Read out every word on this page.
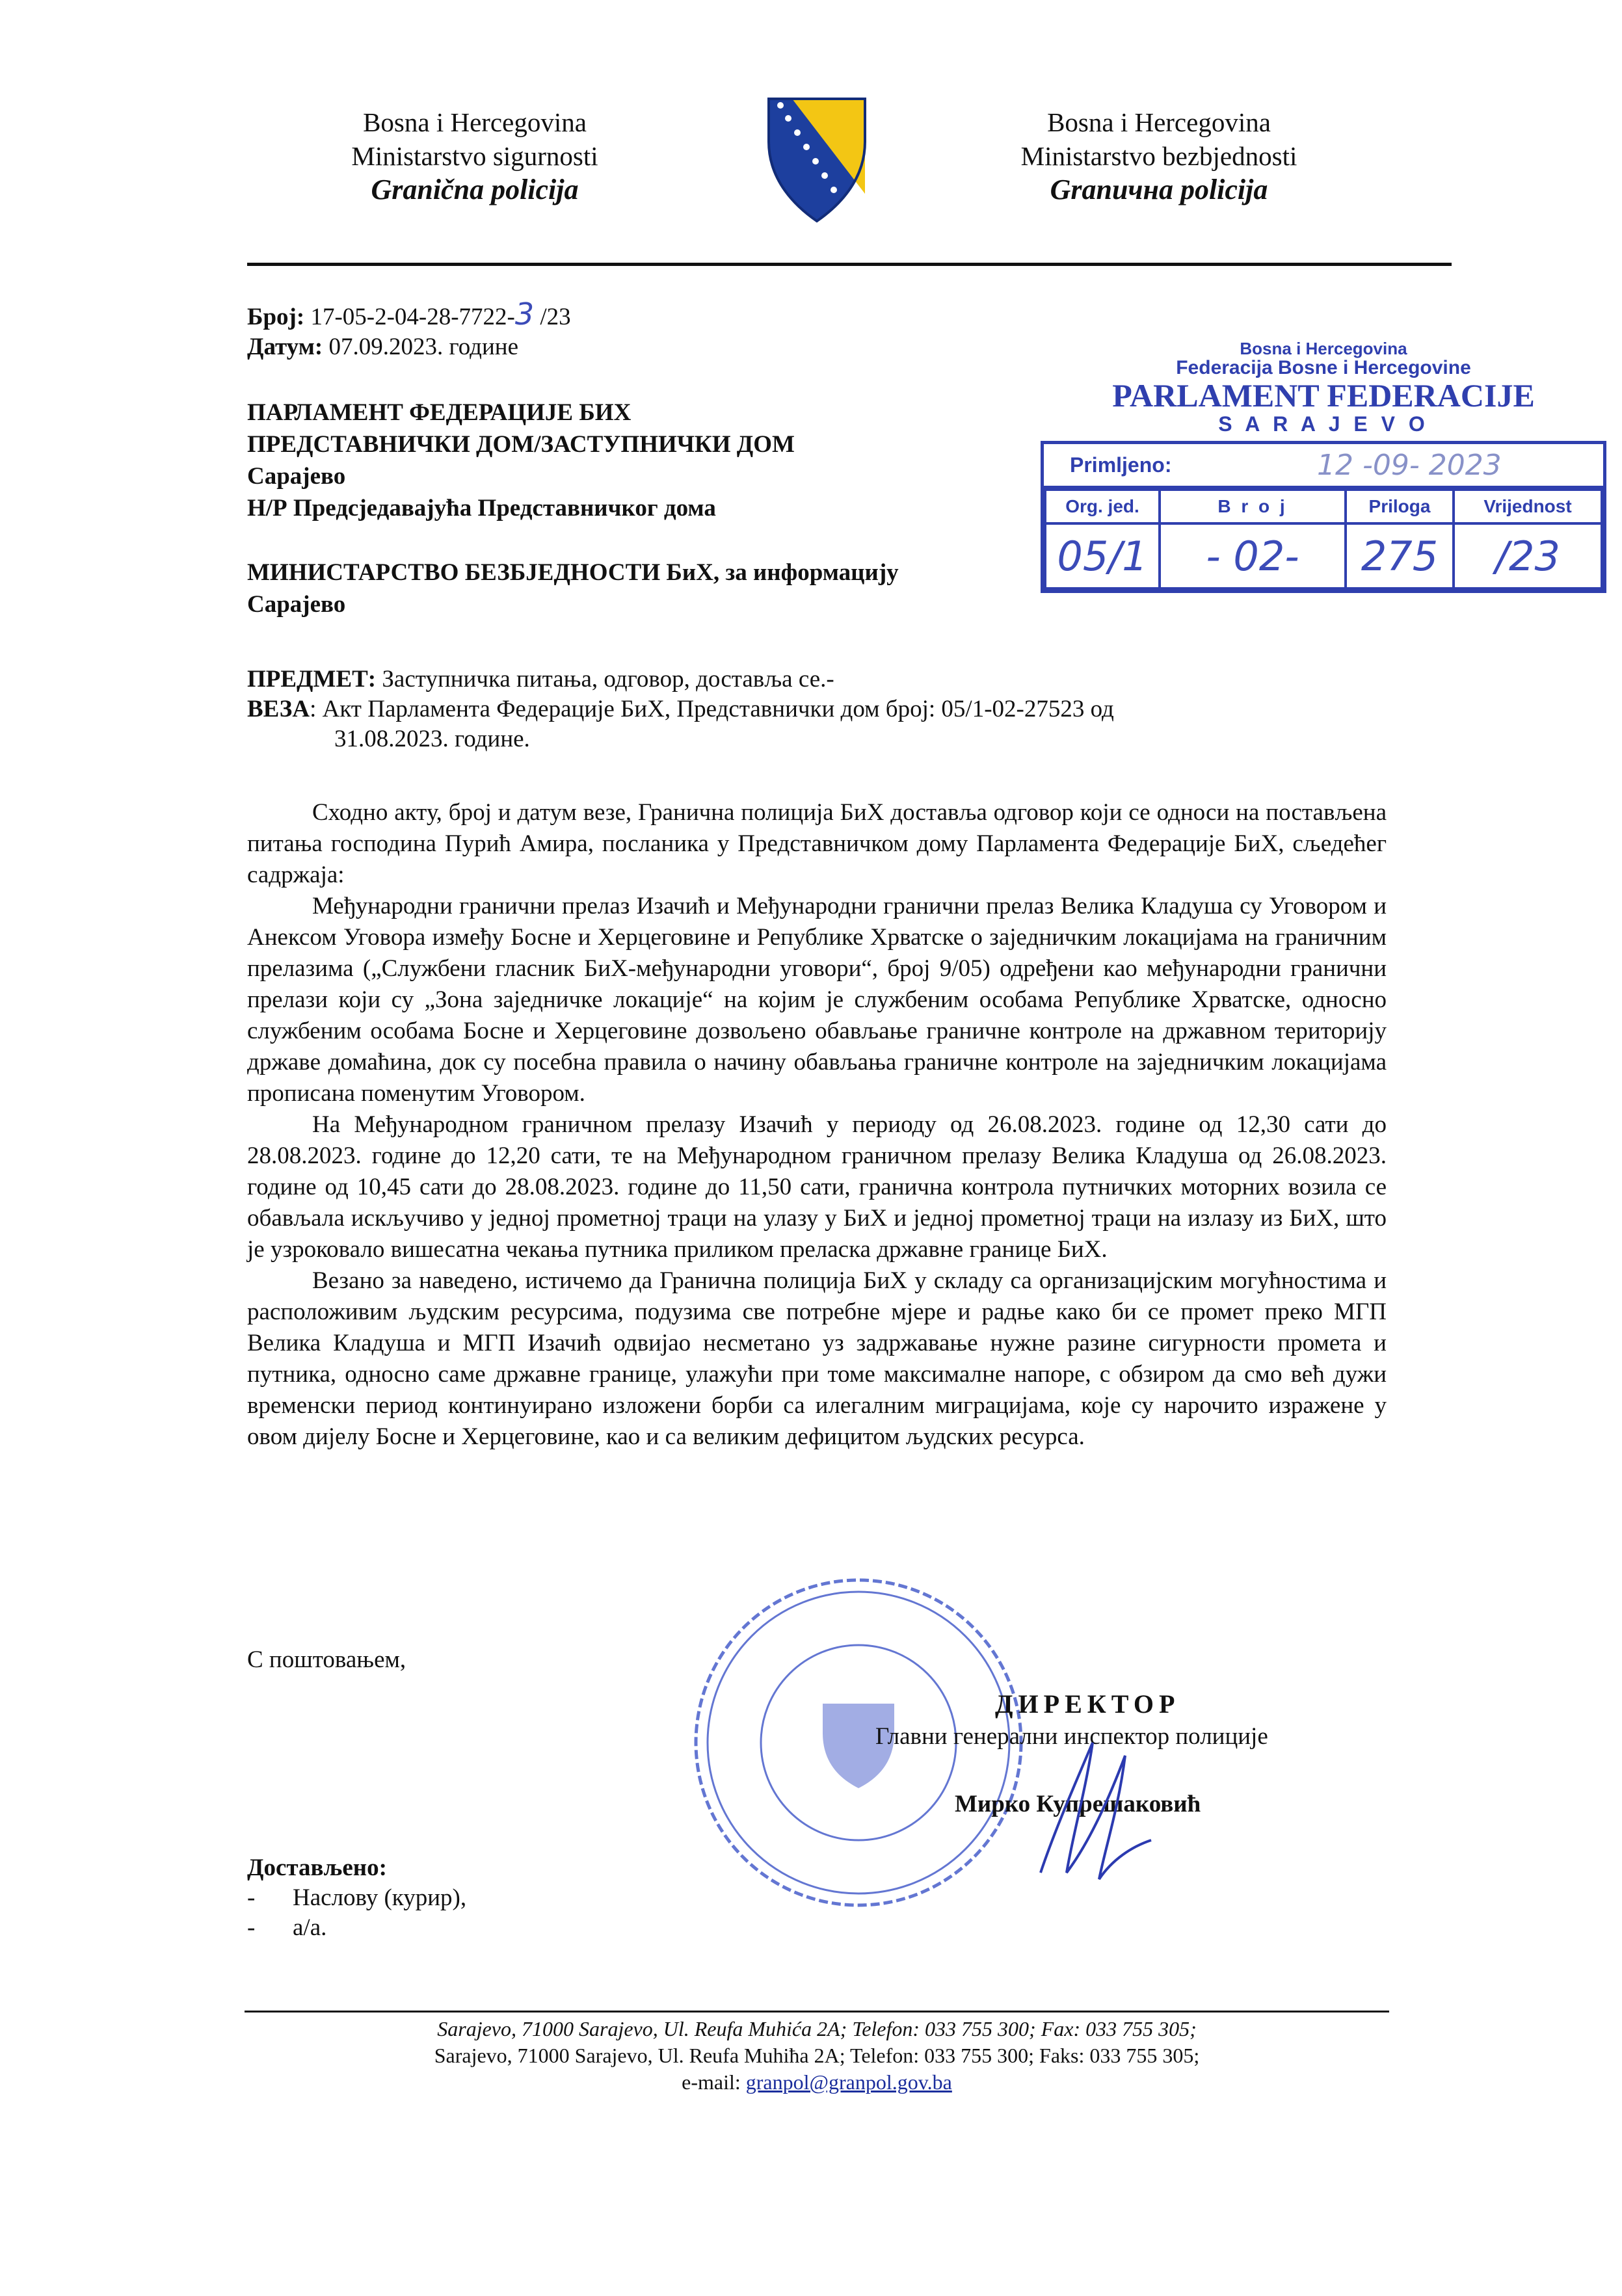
Bosna i Hercegovina
Ministarstvo sigurnosti
Granična policija
Bosna i Hercegovina
Ministarstvo bezbjednosti
Granична policija
Број: 17-05-2-04-28-7722-3 /23
Датум: 07.09.2023. године
ПАРЛАМЕНТ ФЕДЕРАЦИЈЕ БИХ
ПРЕДСТАВНИЧКИ ДОМ/ЗАСТУПНИЧКИ ДОМ
Сарајево
Н/Р Предсједавајућа Представничког дома
МИНИСТАРСТВО БЕЗБЈЕДНОСТИ БиХ, за информацију
Сарајево
Bosna i Hercegovina
Federacija Bosne i Hercegovine
PARLAMENT FEDERACIJE
S A R A J E V O
Primljeno:	12 -09- 2023
Org. jed.	B r o j	Priloga	Vrijednost
05/1	- 02-	275	/23
ПРЕДМЕТ: Заступничка питања, одговор, доставља се.-
ВЕЗА: Акт Парламента Федерације БиХ, Представнички дом број: 05/1-02-27523 од
31.08.2023. године.

Сходно акту, број и датум везе, Гранична полиција БиХ доставља одговор који се односи на постављена питања господина Пурић Амира, посланика у Представничком дому Парламента Федерације БиХ, сљедећег садржаја:

Међународни гранични прелаз Изачић и Међународни гранични прелаз Велика Кладуша су Уговором и Анексом Уговора између Босне и Херцеговине и Републике Хрватске о заједничким локацијама на граничним прелазима („Службени гласник БиХ-међународни уговори“, број 9/05) одређени као међународни гранични прелази који су „Зона заједничке локације“ на којим је службеним особама Републике Хрватске, односно службеним особама Босне и Херцеговине дозвољено обављање граничне контроле на државном територију државе домаћина, док су посебна правила о начину обављања граничне контроле на заједничким локацијама прописана поменутим Уговором.

На Међународном граничном прелазу Изачић у периоду од 26.08.2023. године од 12,30 сати до 28.08.2023. године до 12,20 сати, те на Међународном граничном прелазу Велика Кладуша од 26.08.2023. године од 10,45 сати до 28.08.2023. године до 11,50 сати, гранична контрола путничких моторних возила се обављала искључиво у једној прометној траци на улазу у БиХ и једној прометној траци на излазу из БиХ, што је узроковало вишесатна чекања путника приликом преласка државне границе БиХ.

Везано за наведено, истичемо да Гранична полиција БиХ у складу са организацијским могућностима и расположивим људским ресурсима, подузима све потребне мјере и радње како би се промет преко МГП Велика Кладуша и МГП Изачић одвијао несметано уз задржавање нужне разине сигурности промета и путника, односно саме државне границе, улажући при томе максималне напоре, с обзиром да смо већ дужи временски период континуирано изложени борби са илегалним миграцијама, које су нарочито изражене у овом дијелу Босне и Херцеговине, као и са великим дефицитом људских ресурса.

С поштовањем,
ДИРЕКТОР
Главни генерални инспектор полиције
Мирко Купрешаковић
Достављено:
- Наслову (курир),
- а/а.
Sarajevo, 71000 Sarajevo, Ul. Reufa Muhića 2A; Telefon: 033 755 300; Fax: 033 755 305;
Sarajevo, 71000 Sarajevo, Ul. Reufa Muhiћa 2A; Telefon: 033 755 300; Faks: 033 755 305;
e-mail: granpol@granpol.gov.ba
